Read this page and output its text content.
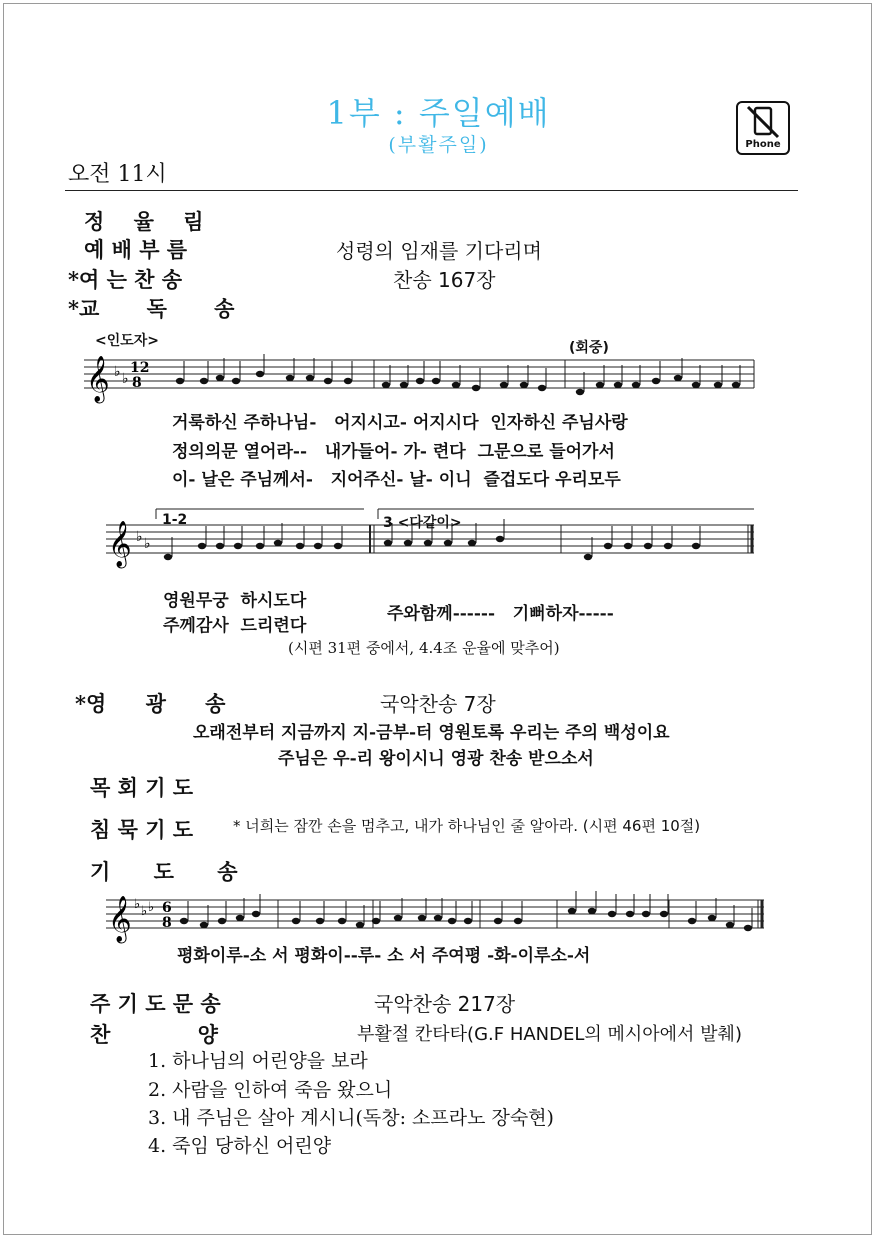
1부 : 주일예배
(부활주일)	Phone
오전 11시
정 율 림
예 배 부 름	성령의 임재를 기다리며
*여 는 찬 송	찬송 167장
*교 독 송
<인도자>	(회중)
𝄞 ♭ ♭
12
8
거룩하신 주하나님- 어지시고- 어지시다 인자하신 주님사랑
정의의문 열어라-- 내가들어- 가- 련다 그문으로 들어가서
이- 날은 주님께서- 지어주신- 날- 이니 즐겁도다 우리모두
𝄞 ♭ ♭
1-2	3 <다같이>
영원무궁 하시도다
주께감사 드리련다
주와함께------ 기뻐하자-----
(시편 31편 중에서, 4.4조 운율에 맞추어)
*영 광 송	국악찬송 7장
오래전부터 지금까지 지-금부-터 영원토록 우리는 주의 백성이요
주님은 우-리 왕이시니 영광 찬송 받으소서
목 회 기 도
침 묵 기 도	* 너희는 잠깐 손을 멈추고, 내가 하나님인 줄 알아라. (시편 46편 10절)
기 도 송
𝄞 ♭ ♭ ♭ 6
8
평화이루-소 서 평화이--루- 소 서 주여평 -화-이루소-서
주 기 도 문 송	국악찬송 217장
찬 양	부활절 칸타타(G.F HANDEL의 메시아에서 발췌)
1. 하나님의 어린양을 보라
2. 사람을 인하여 죽음 왔으니
3. 내 주님은 살아 계시니(독창: 소프라노 장숙현)
4. 죽임 당하신 어린양
